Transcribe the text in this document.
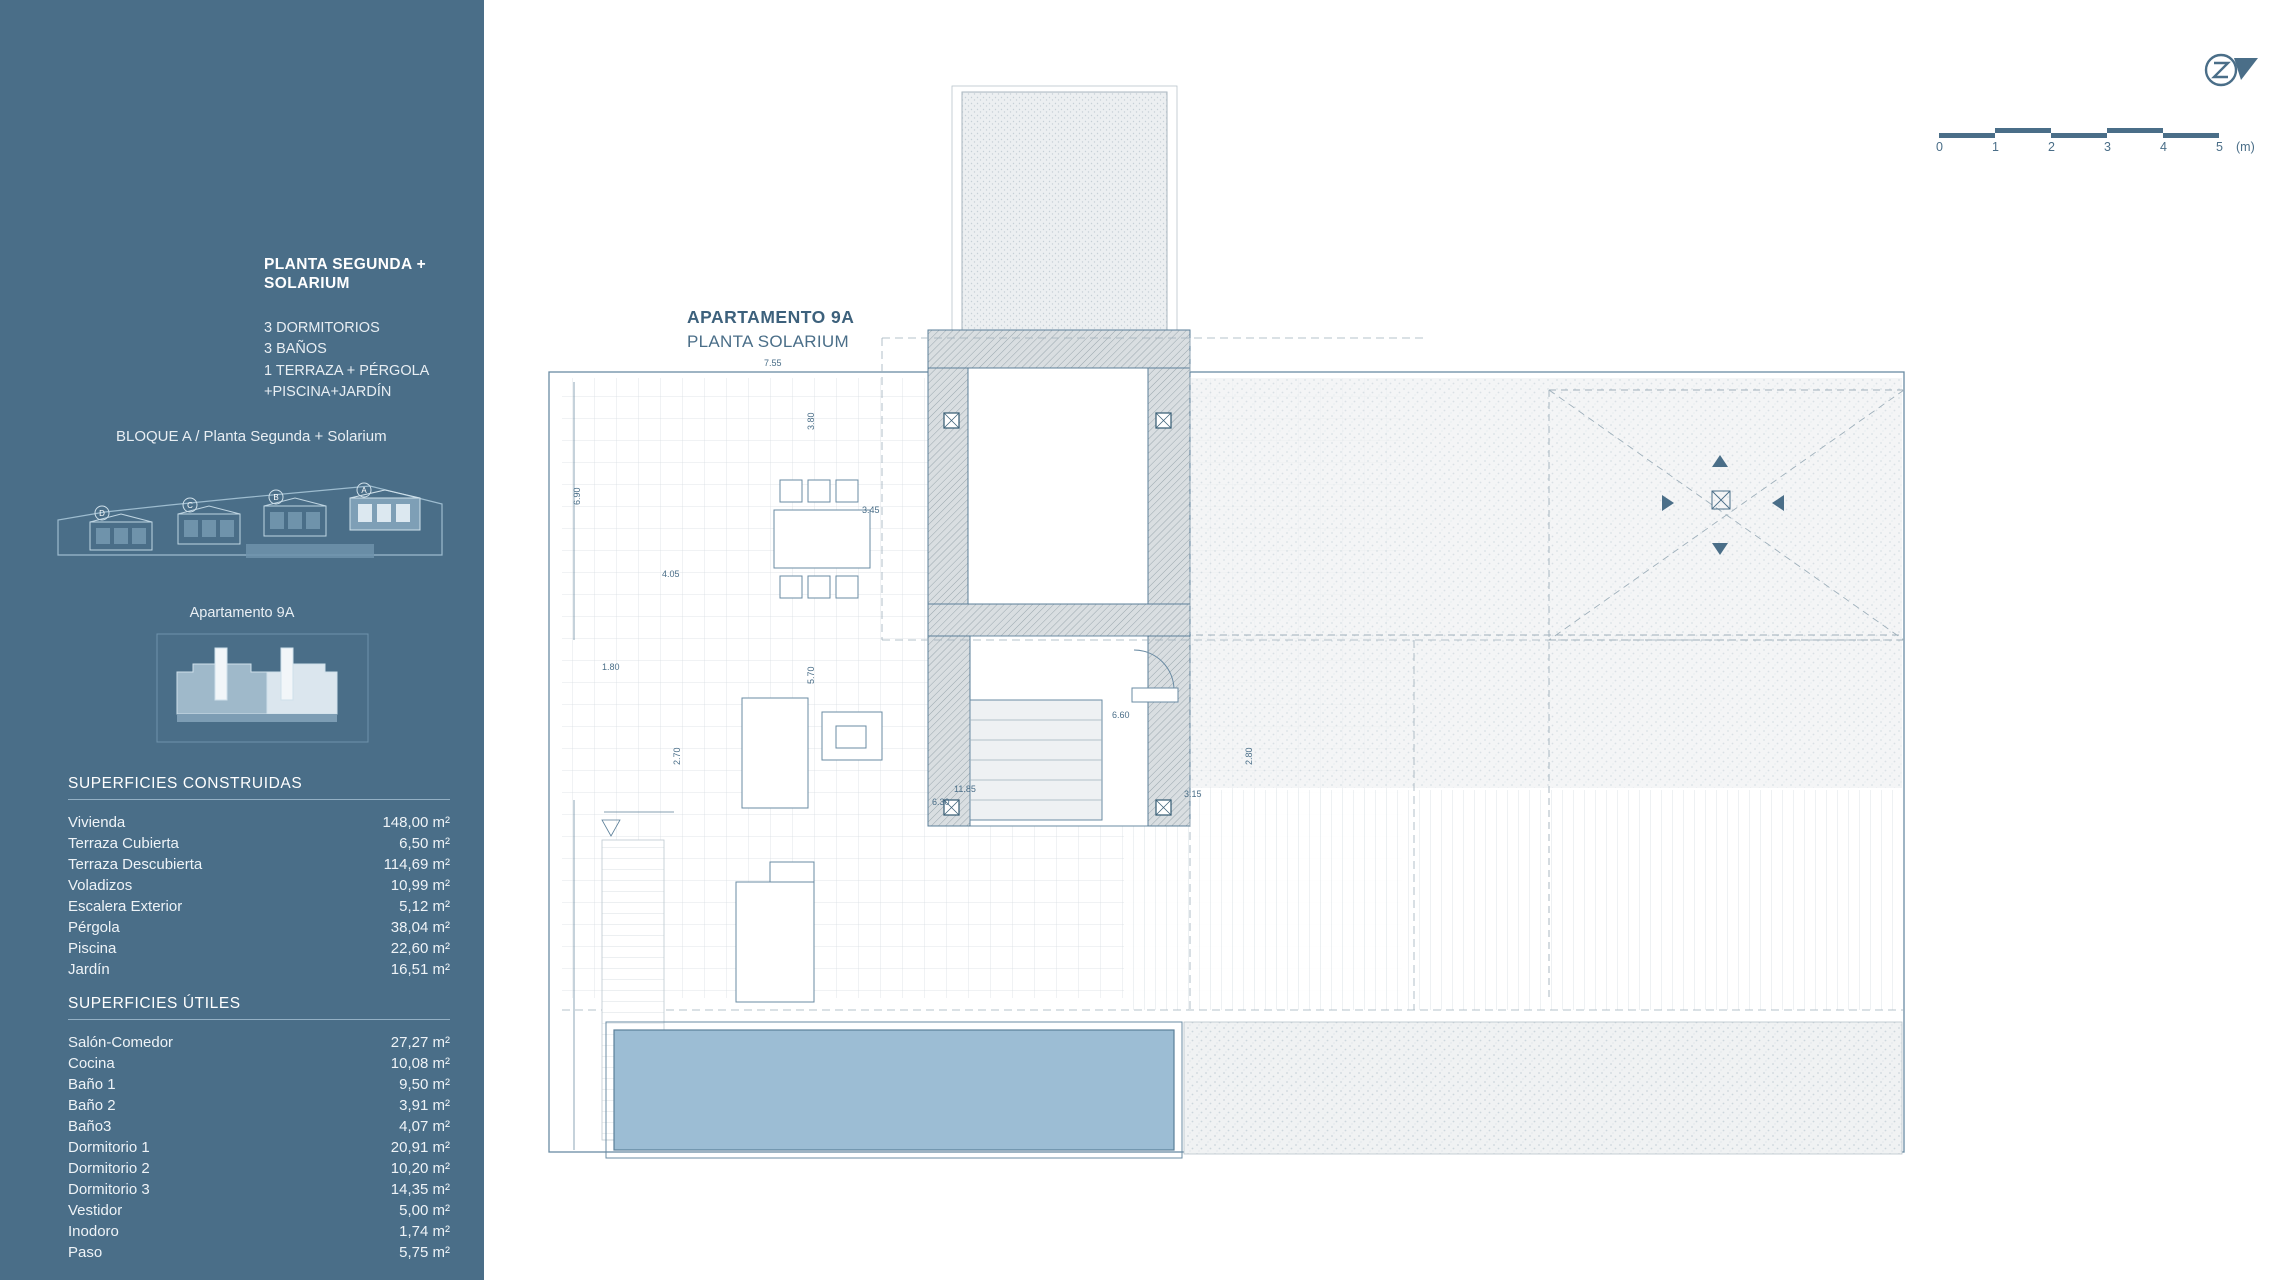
PLANTA SEGUNDA + SOLARIUM
3 DORMITORIOS
3 BAÑOS
1 TERRAZA + PÉRGOLA
+PISCINA+JARDÍN
BLOQUE A / Planta Segunda + Solarium
D
C
B
A
Apartamento 9A
SUPERFICIES CONSTRUIDAS
Vivienda	148,00 m²
Terraza Cubierta	6,50 m²
Terraza Descubierta	114,69 m²
Voladizos	10,99 m²
Escalera Exterior	5,12 m²
Pérgola	38,04 m²
Piscina	22,60 m²
Jardín	16,51 m²
SUPERFICIES ÚTILES
Salón-Comedor	27,27 m²
Cocina	10,08 m²
Baño 1	9,50 m²
Baño 2	3,91 m²
Baño3	4,07 m²
Dormitorio 1	20,91 m²
Dormitorio 2	10,20 m²
Dormitorio 3	14,35 m²
Vestidor	5,00 m²
Inodoro	1,74 m²
Paso	5,75 m²
APARTAMENTO 9A
PLANTA SOLARIUM
0	1	2	3	4	5 (m)
7.55
3.80
6.90
3.45
4.05
1.80	5.70
2.70
11.85
6.30
3.15
2.80
6.60
